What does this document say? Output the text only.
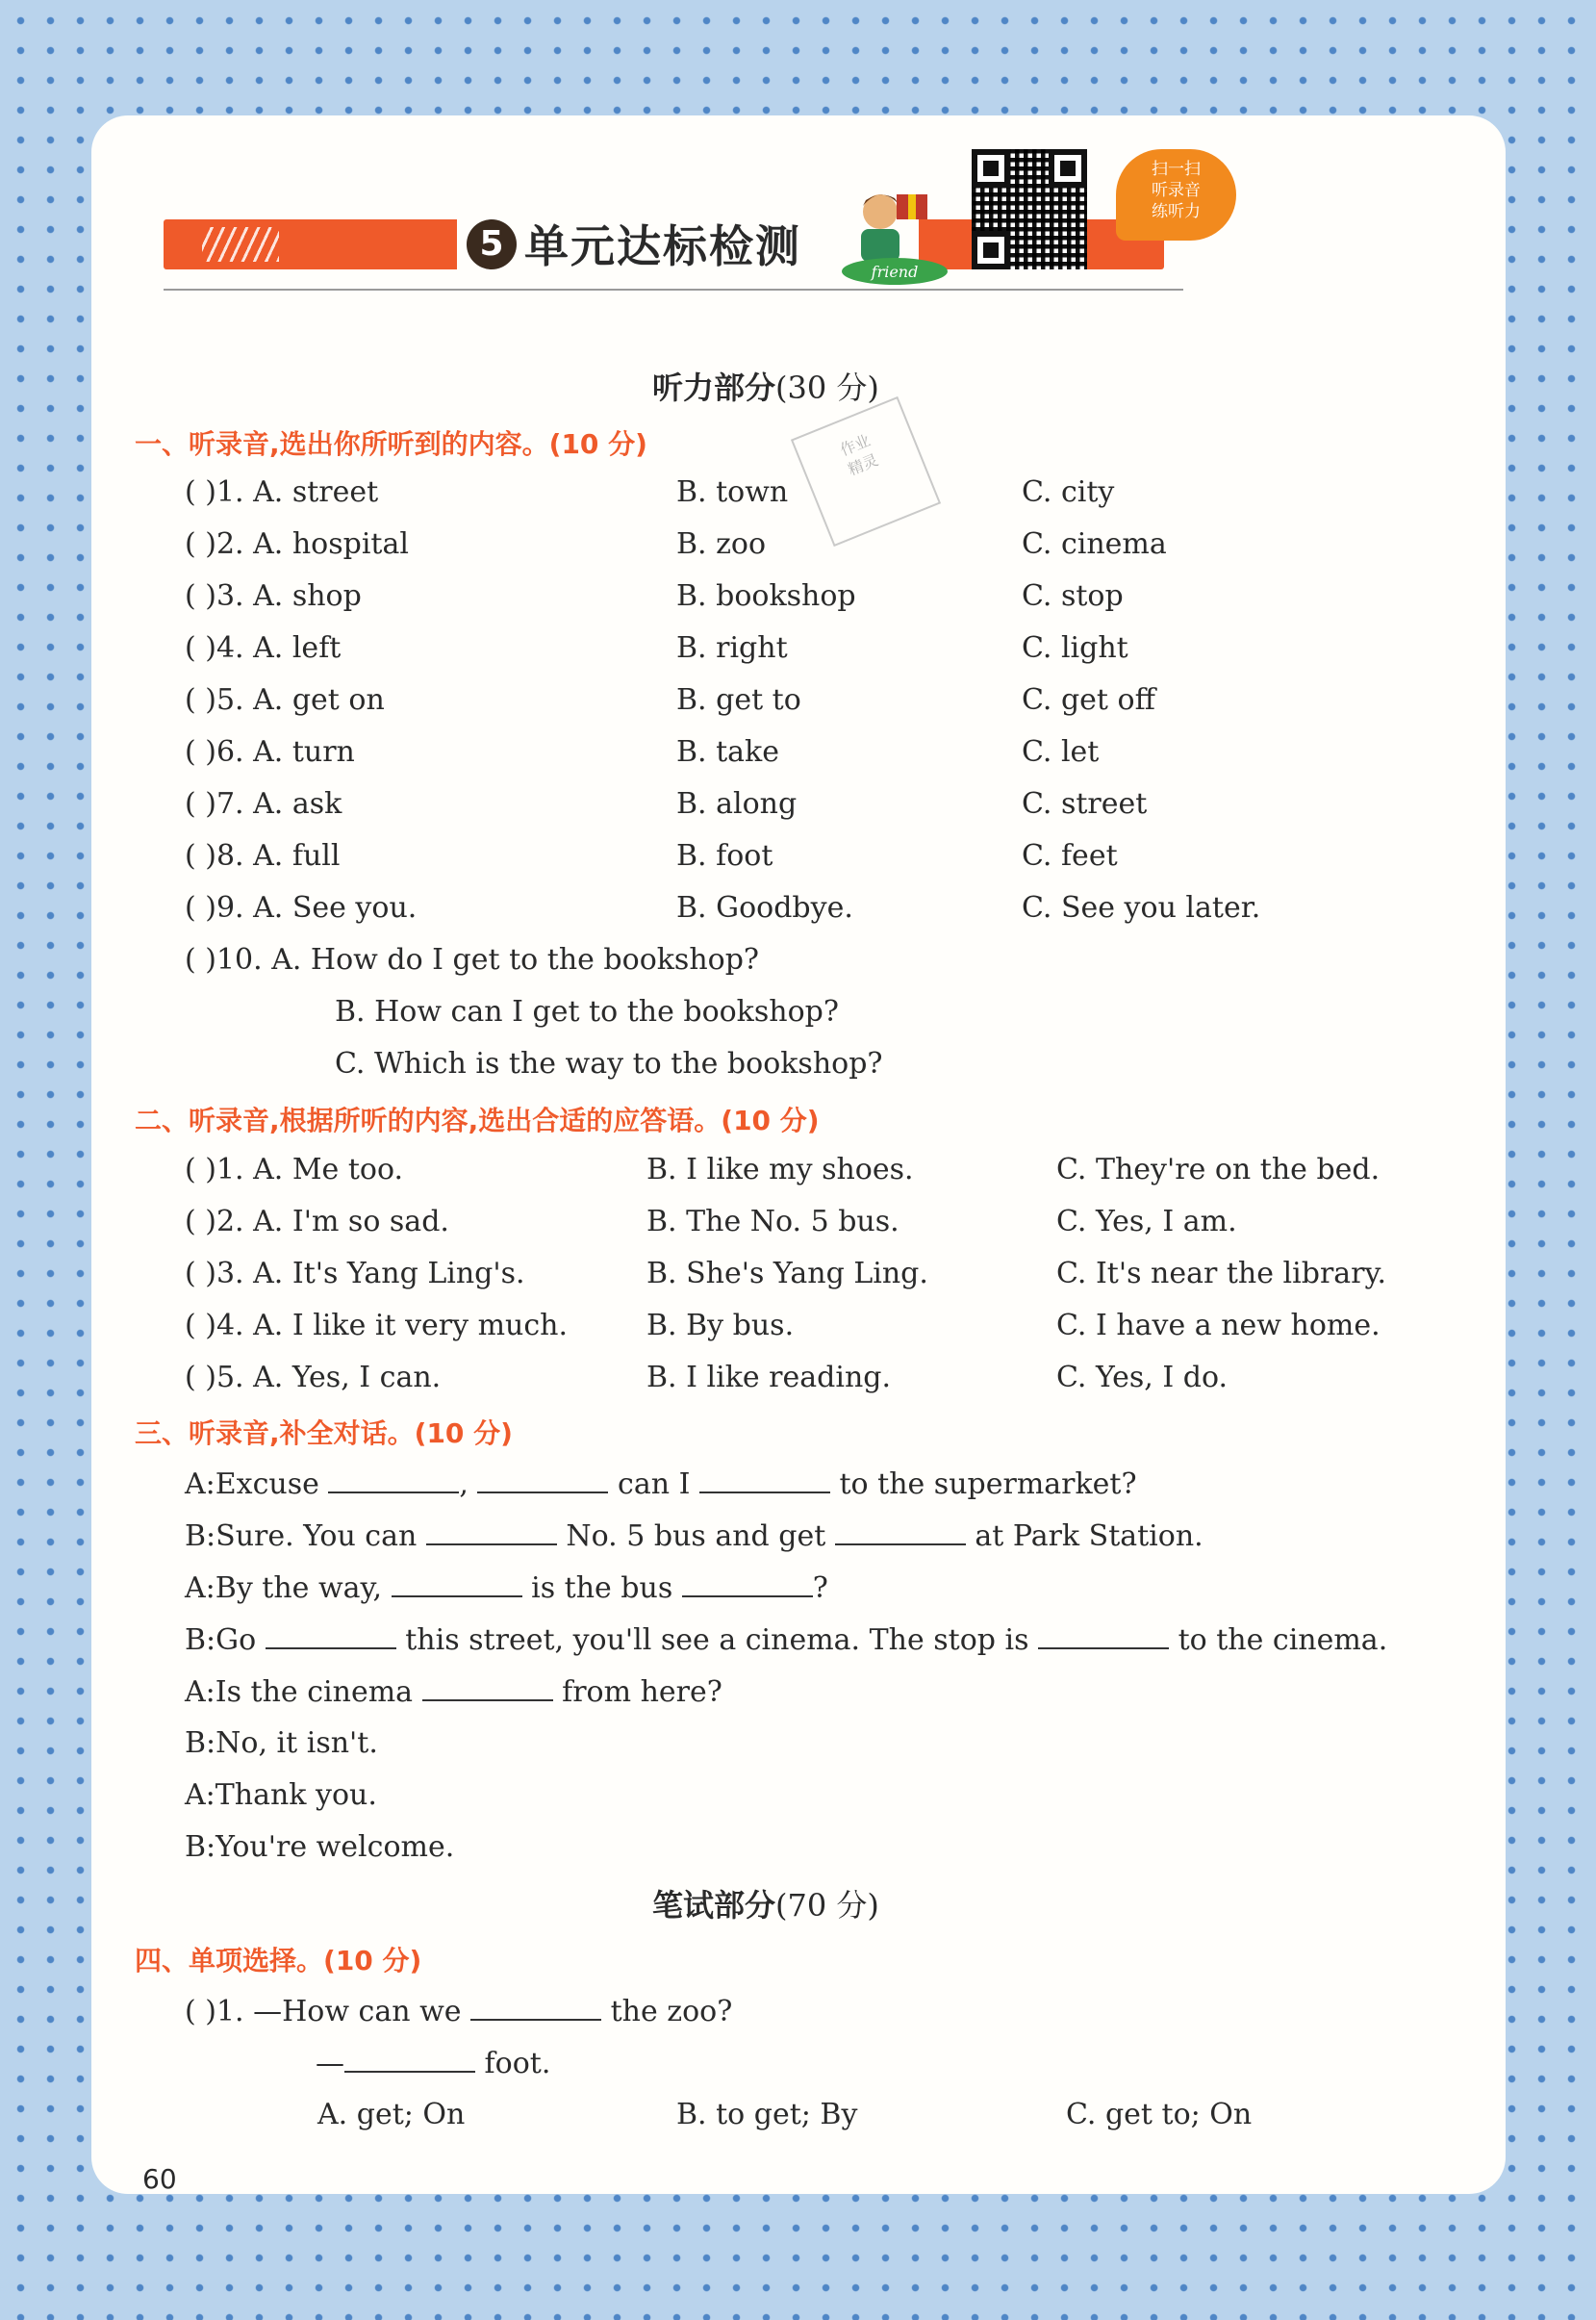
5 单元达标检测	friend
扫一扫
听录音
练听力
作业
精灵
听力部分(30 分)
一、听录音,选出你所听到的内容。(10 分)
( )1. A. street	B. town	C. city
( )2. A. hospital	B. zoo	C. cinema
( )3. A. shop	B. bookshop	C. stop
( )4. A. left	B. right	C. light
( )5. A. get on	B. get to	C. get off
( )6. A. turn	B. take	C. let
( )7. A. ask	B. along	C. street
( )8. A. full	B. foot	C. feet
( )9. A. See you.	B. Goodbye.	C. See you later.
( )10. A. How do I get to the bookshop?
B. How can I get to the bookshop?
C. Which is the way to the bookshop?
二、听录音,根据所听的内容,选出合适的应答语。(10 分)
( )1. A. Me too.	B. I like my shoes.	C. They're on the bed.
( )2. A. I'm so sad.	B. The No. 5 bus.	C. Yes, I am.
( )3. A. It's Yang Ling's.	B. She's Yang Ling.	C. It's near the library.
( )4. A. I like it very much.	B. By bus.	C. I have a new home.
( )5. A. Yes, I can.	B. I like reading.	C. Yes, I do.
三、听录音,补全对话。(10 分)
A:Excuse	,	can I	to the supermarket?
B:Sure. You can	No. 5 bus and get	at Park Station.
A:By the way,	is the bus	?
B:Go	this street, you'll see a cinema. The stop is	to the cinema.
A:Is the cinema	from here?
B:No, it isn't.
A:Thank you.
B:You're welcome.
笔试部分(70 分)
四、单项选择。(10 分)
( )1. —How can we	the zoo?
—	foot.
A. get; On	B. to get; By	C. get to; On
60
